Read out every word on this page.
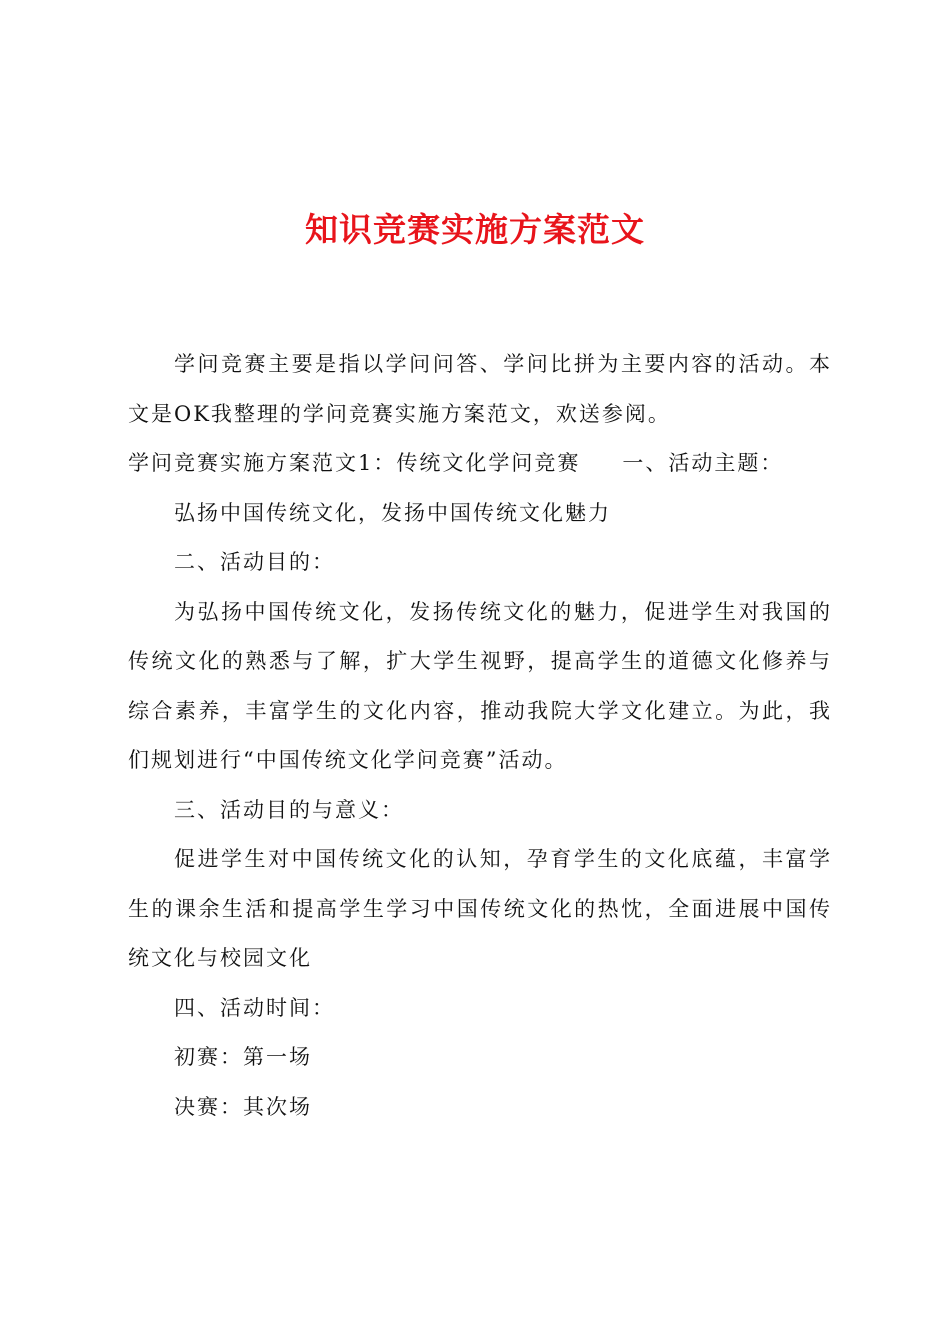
知识竞赛实施方案范文

学问竞赛主要是指以学问问答、学问比拼为主要内容的活动。本文是OK我整理的学问竞赛实施方案范文，欢送参阅。

学问竞赛实施方案范文1：传统文化学问竞赛 一、活动主题：

弘扬中国传统文化，发扬中国传统文化魅力

二、活动目的：

为弘扬中国传统文化，发扬传统文化的魅力，促进学生对我国的传统文化的熟悉与了解，扩大学生视野，提高学生的道德文化修养与综合素养，丰富学生的文化内容，推动我院大学文化建立。为此，我们规划进行“中国传统文化学问竞赛”活动。

三、活动目的与意义：

促进学生对中国传统文化的认知，孕育学生的文化底蕴，丰富学生的课余生活和提高学生学习中国传统文化的热忱，全面进展中国传统文化与校园文化

四、活动时间：

初赛：第一场

决赛：其次场
